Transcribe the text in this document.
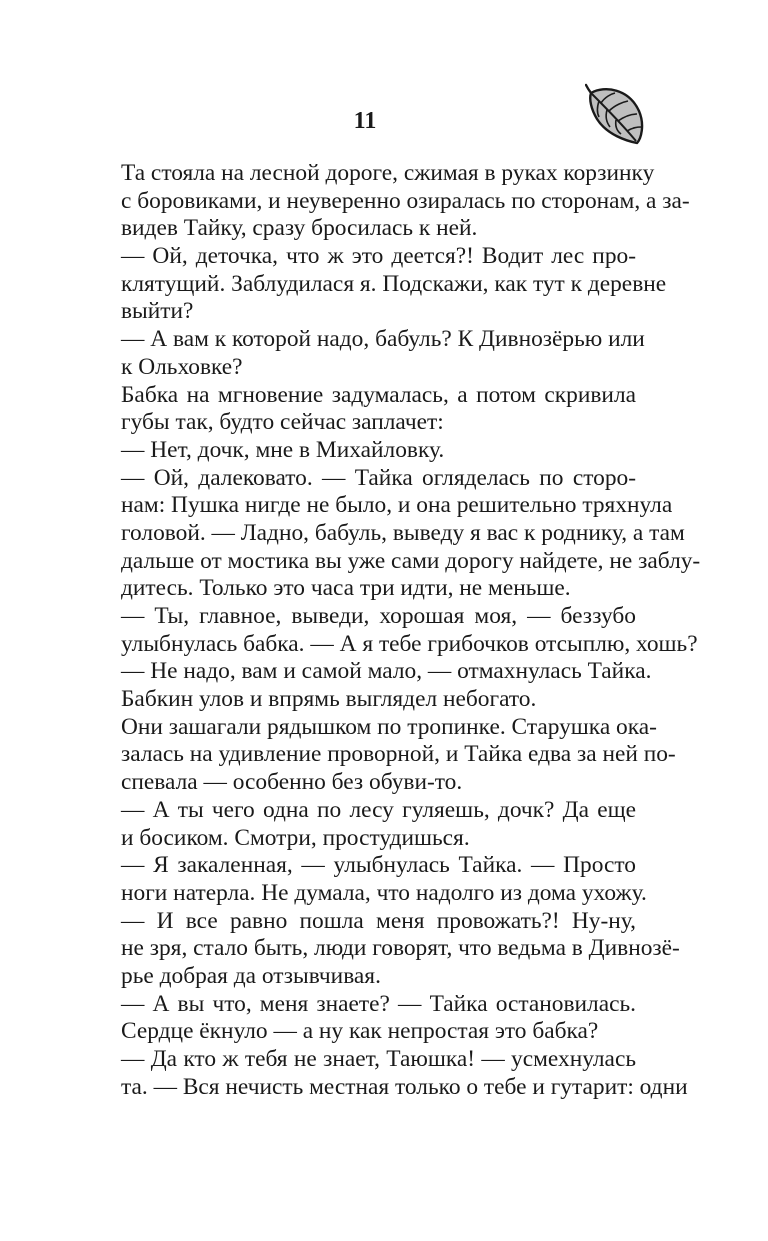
11
Та стояла на лесной дороге, сжимая в руках корзинку
с боровиками, и неуверенно озиралась по сторонам, а за-
видев Тайку, сразу бросилась к ней.
— Ой, деточка, что ж это деется?! Водит лес про-
клятущий. Заблудилася я. Подскажи, как тут к деревне
выйти?
— А вам к которой надо, бабуль? К Дивнозёрью или
к Ольховке?
Бабка на мгновение задумалась, а потом скривила
губы так, будто сейчас заплачет:
— Нет, дочк, мне в Михайловку.
— Ой, далековато. — Тайка огляделась по сторо-
нам: Пушка нигде не было, и она решительно тряхнула
головой. — Ладно, бабуль, выведу я вас к роднику, а там
дальше от мостика вы уже сами дорогу найдете, не заблу-
дитесь. Только это часа три идти, не меньше.
— Ты, главное, выведи, хорошая моя, — беззубо
улыбнулась бабка. — А я тебе грибочков отсыплю, хошь?
— Не надо, вам и самой мало, — отмахнулась Тайка.
Бабкин улов и впрямь выглядел небогато.
Они зашагали рядышком по тропинке. Старушка ока-
залась на удивление проворной, и Тайка едва за ней по-
спевала — особенно без обуви-то.
— А ты чего одна по лесу гуляешь, дочк? Да еще
и босиком. Смотри, простудишься.
— Я закаленная, — улыбнулась Тайка. — Просто
ноги натерла. Не думала, что надолго из дома ухожу.
— И все равно пошла меня провожать?! Ну-ну,
не зря, стало быть, люди говорят, что ведьма в Дивнозё-
рье добрая да отзывчивая.
— А вы что, меня знаете? — Тайка остановилась.
Сердце ёкнуло — а ну как непростая это бабка?
— Да кто ж тебя не знает, Таюшка! — усмехнулась
та. — Вся нечисть местная только о тебе и гутарит: одни
